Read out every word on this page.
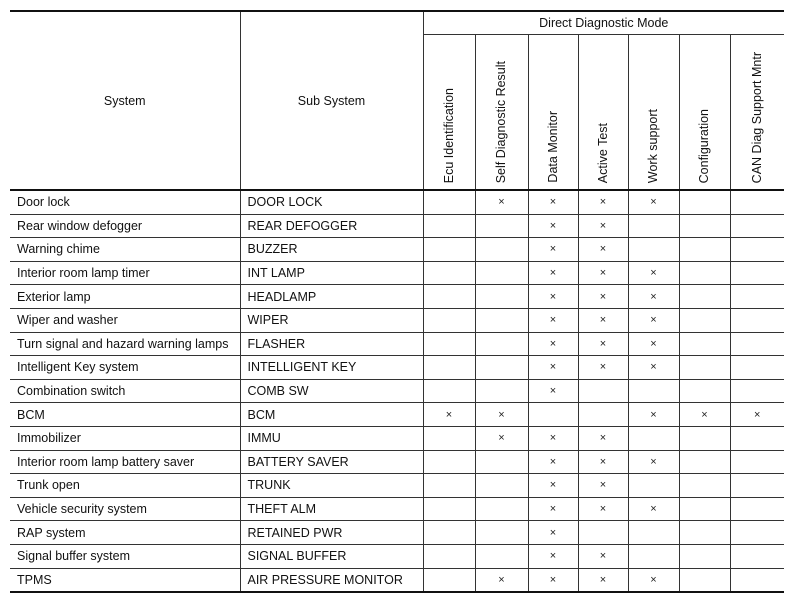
System	Sub System	Direct Diagnostic Mode						

		Ecu Identification	Self Diagnostic Result	Data Monitor	Active Test	Work support	Configuration	CAN Diag Support Mntr

Door lock	DOOR LOCK		×	×	×	×		
Rear window defogger	REAR DEFOGGER			×	×			
Warning chime	BUZZER			×	×			
Interior room lamp timer	INT LAMP			×	×	×		
Exterior lamp	HEADLAMP			×	×	×		
Wiper and washer	WIPER			×	×	×		
Turn signal and hazard warning lamps	FLASHER			×	×	×		
Intelligent Key system	INTELLIGENT KEY			×	×	×		
Combination switch	COMB SW			×				
BCM	BCM	×	×			×	×	×
Immobilizer	IMMU		×	×	×			
Interior room lamp battery saver	BATTERY SAVER			×	×	×		
Trunk open	TRUNK			×	×			
Vehicle security system	THEFT ALM			×	×	×		
RAP system	RETAINED PWR			×				
Signal buffer system	SIGNAL BUFFER			×	×			
TPMS	AIR PRESSURE MONITOR		×	×	×	×		
